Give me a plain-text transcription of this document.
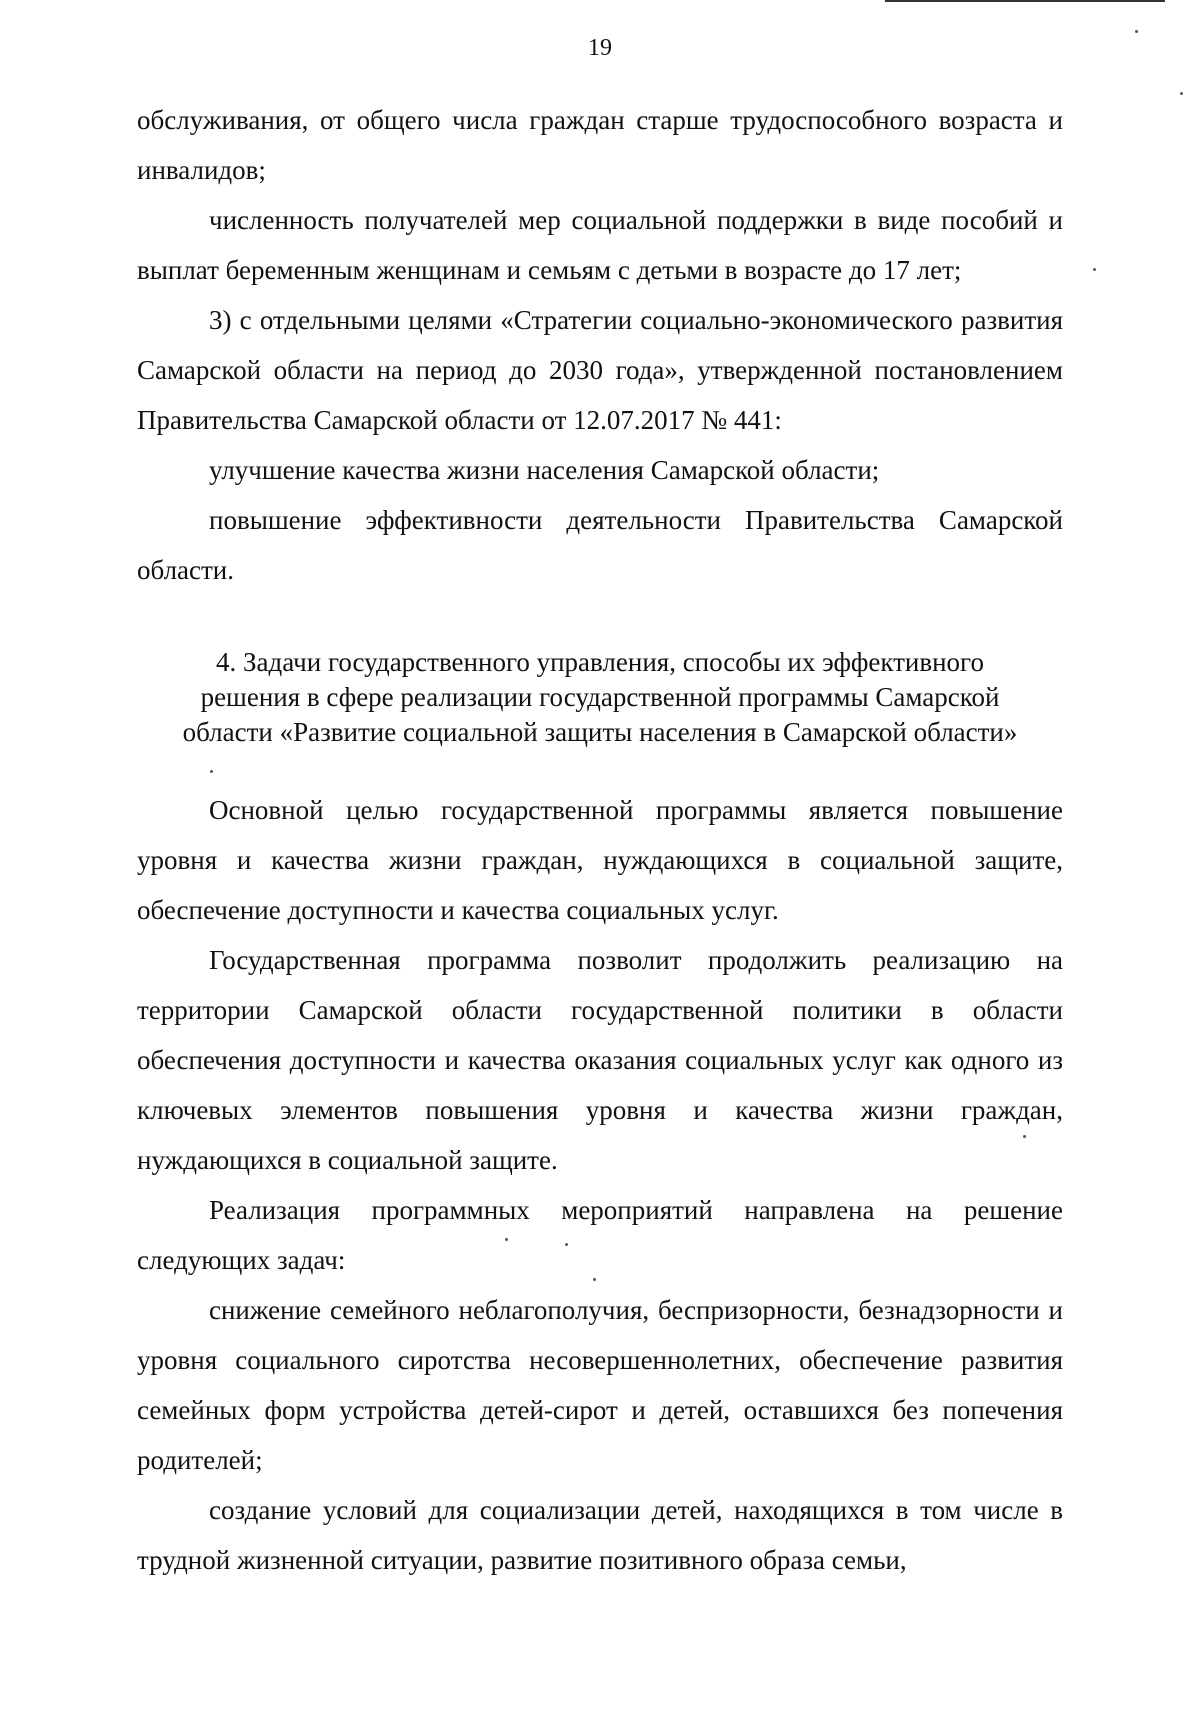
19

обслуживания, от общего числа граждан старше трудоспособного возраста и инвалидов;

численность получателей мер социальной поддержки в виде пособий и выплат беременным женщинам и семьям с детьми в возрасте до 17 лет;

3) с отдельными целями «Стратегии социально-экономического развития Самарской области на период до 2030 года», утвержденной постановлением Правительства Самарской области от 12.07.2017 № 441:

улучшение качества жизни населения Самарской области;

повышение эффективности деятельности Правительства Самарской области.

4. Задачи государственного управления, способы их эффективного
решения в сфере реализации государственной программы Самарской
области «Развитие социальной защиты населения в Самарской области»

Основной целью государственной программы является повышение уровня и качества жизни граждан, нуждающихся в социальной защите, обеспечение доступности и качества социальных услуг.

Государственная программа позволит продолжить реализацию на территории Самарской области государственной политики в области обеспечения доступности и качества оказания социальных услуг как одного из ключевых элементов повышения уровня и качества жизни граждан, нуждающихся в социальной защите.

Реализация программных мероприятий направлена на решение следующих задач:

снижение семейного неблагополучия, беспризорности, безнадзорности и уровня социального сиротства несовершеннолетних, обеспечение развития семейных форм устройства детей-сирот и детей, оставшихся без попечения родителей;

создание условий для социализации детей, находящихся в том числе в трудной жизненной ситуации, развитие позитивного образа семьи,
